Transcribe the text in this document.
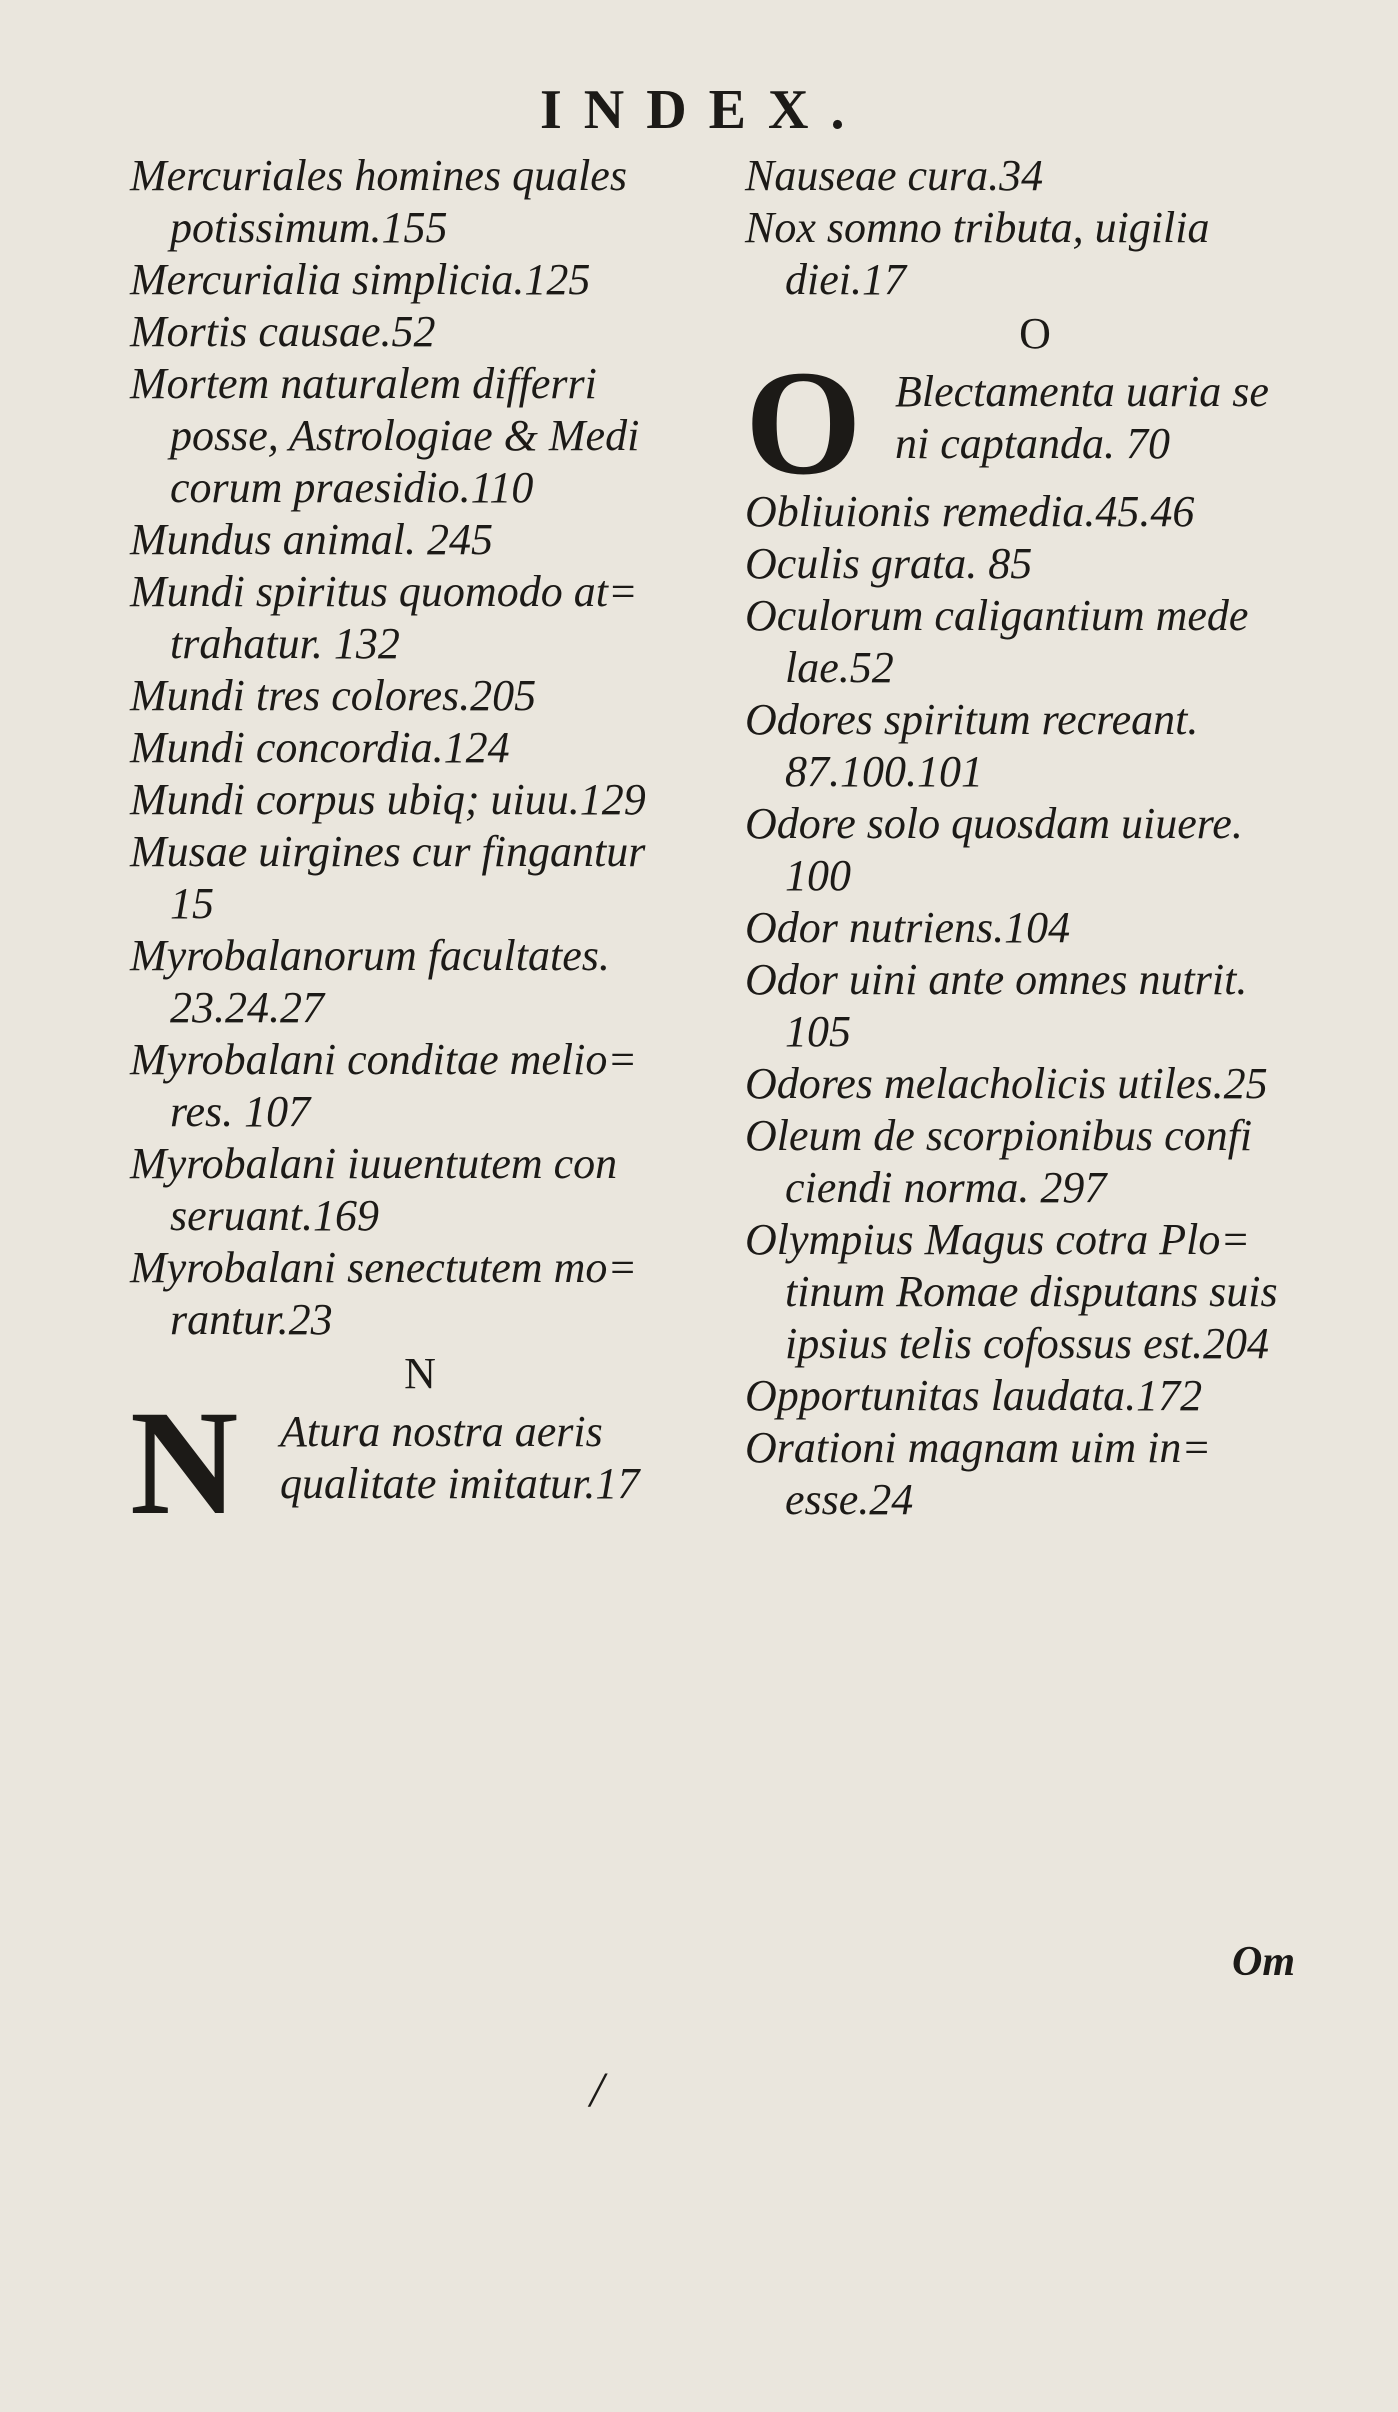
INDEX.
Mercuriales homines quales
potissimum.155
Mercurialia simplicia.125
Mortis causae.52
Mortem naturalem differri
posse, Astrologiae & Medi
corum praesidio.110
Mundus animal. 245
Mundi spiritus quomodo at=
trahatur. 132
Mundi tres colores.205
Mundi concordia.124
Mundi corpus ubiq; uiuu.129
Musae uirgines cur fingantur
15
Myrobalanorum facultates.
23.24.27
Myrobalani conditae melio=
res. 107
Myrobalani iuuentutem con
seruant.169
Myrobalani senectutem mo=
rantur.23
N
N Atura nostra aeris
qualitate imitatur.17
Nauseae cura.34
Nox somno tributa, uigilia
diei.17
O
O Blectamenta uaria se
ni captanda. 70
Obliuionis remedia.45.46
Oculis grata. 85
Oculorum caligantium mede
lae.52
Odores spiritum recreant.
87.100.101
Odore solo quosdam uiuere.
100
Odor nutriens.104
Odor uini ante omnes nutrit.
105
Odores melacholicis utiles.25
Oleum de scorpionibus confi
ciendi norma. 297
Olympius Magus cotra Plo=
tinum Romae disputans suis
ipsius telis cofossus est.204
Opportunitas laudata.172
Orationi magnam uim in=
esse.24
Om
/
